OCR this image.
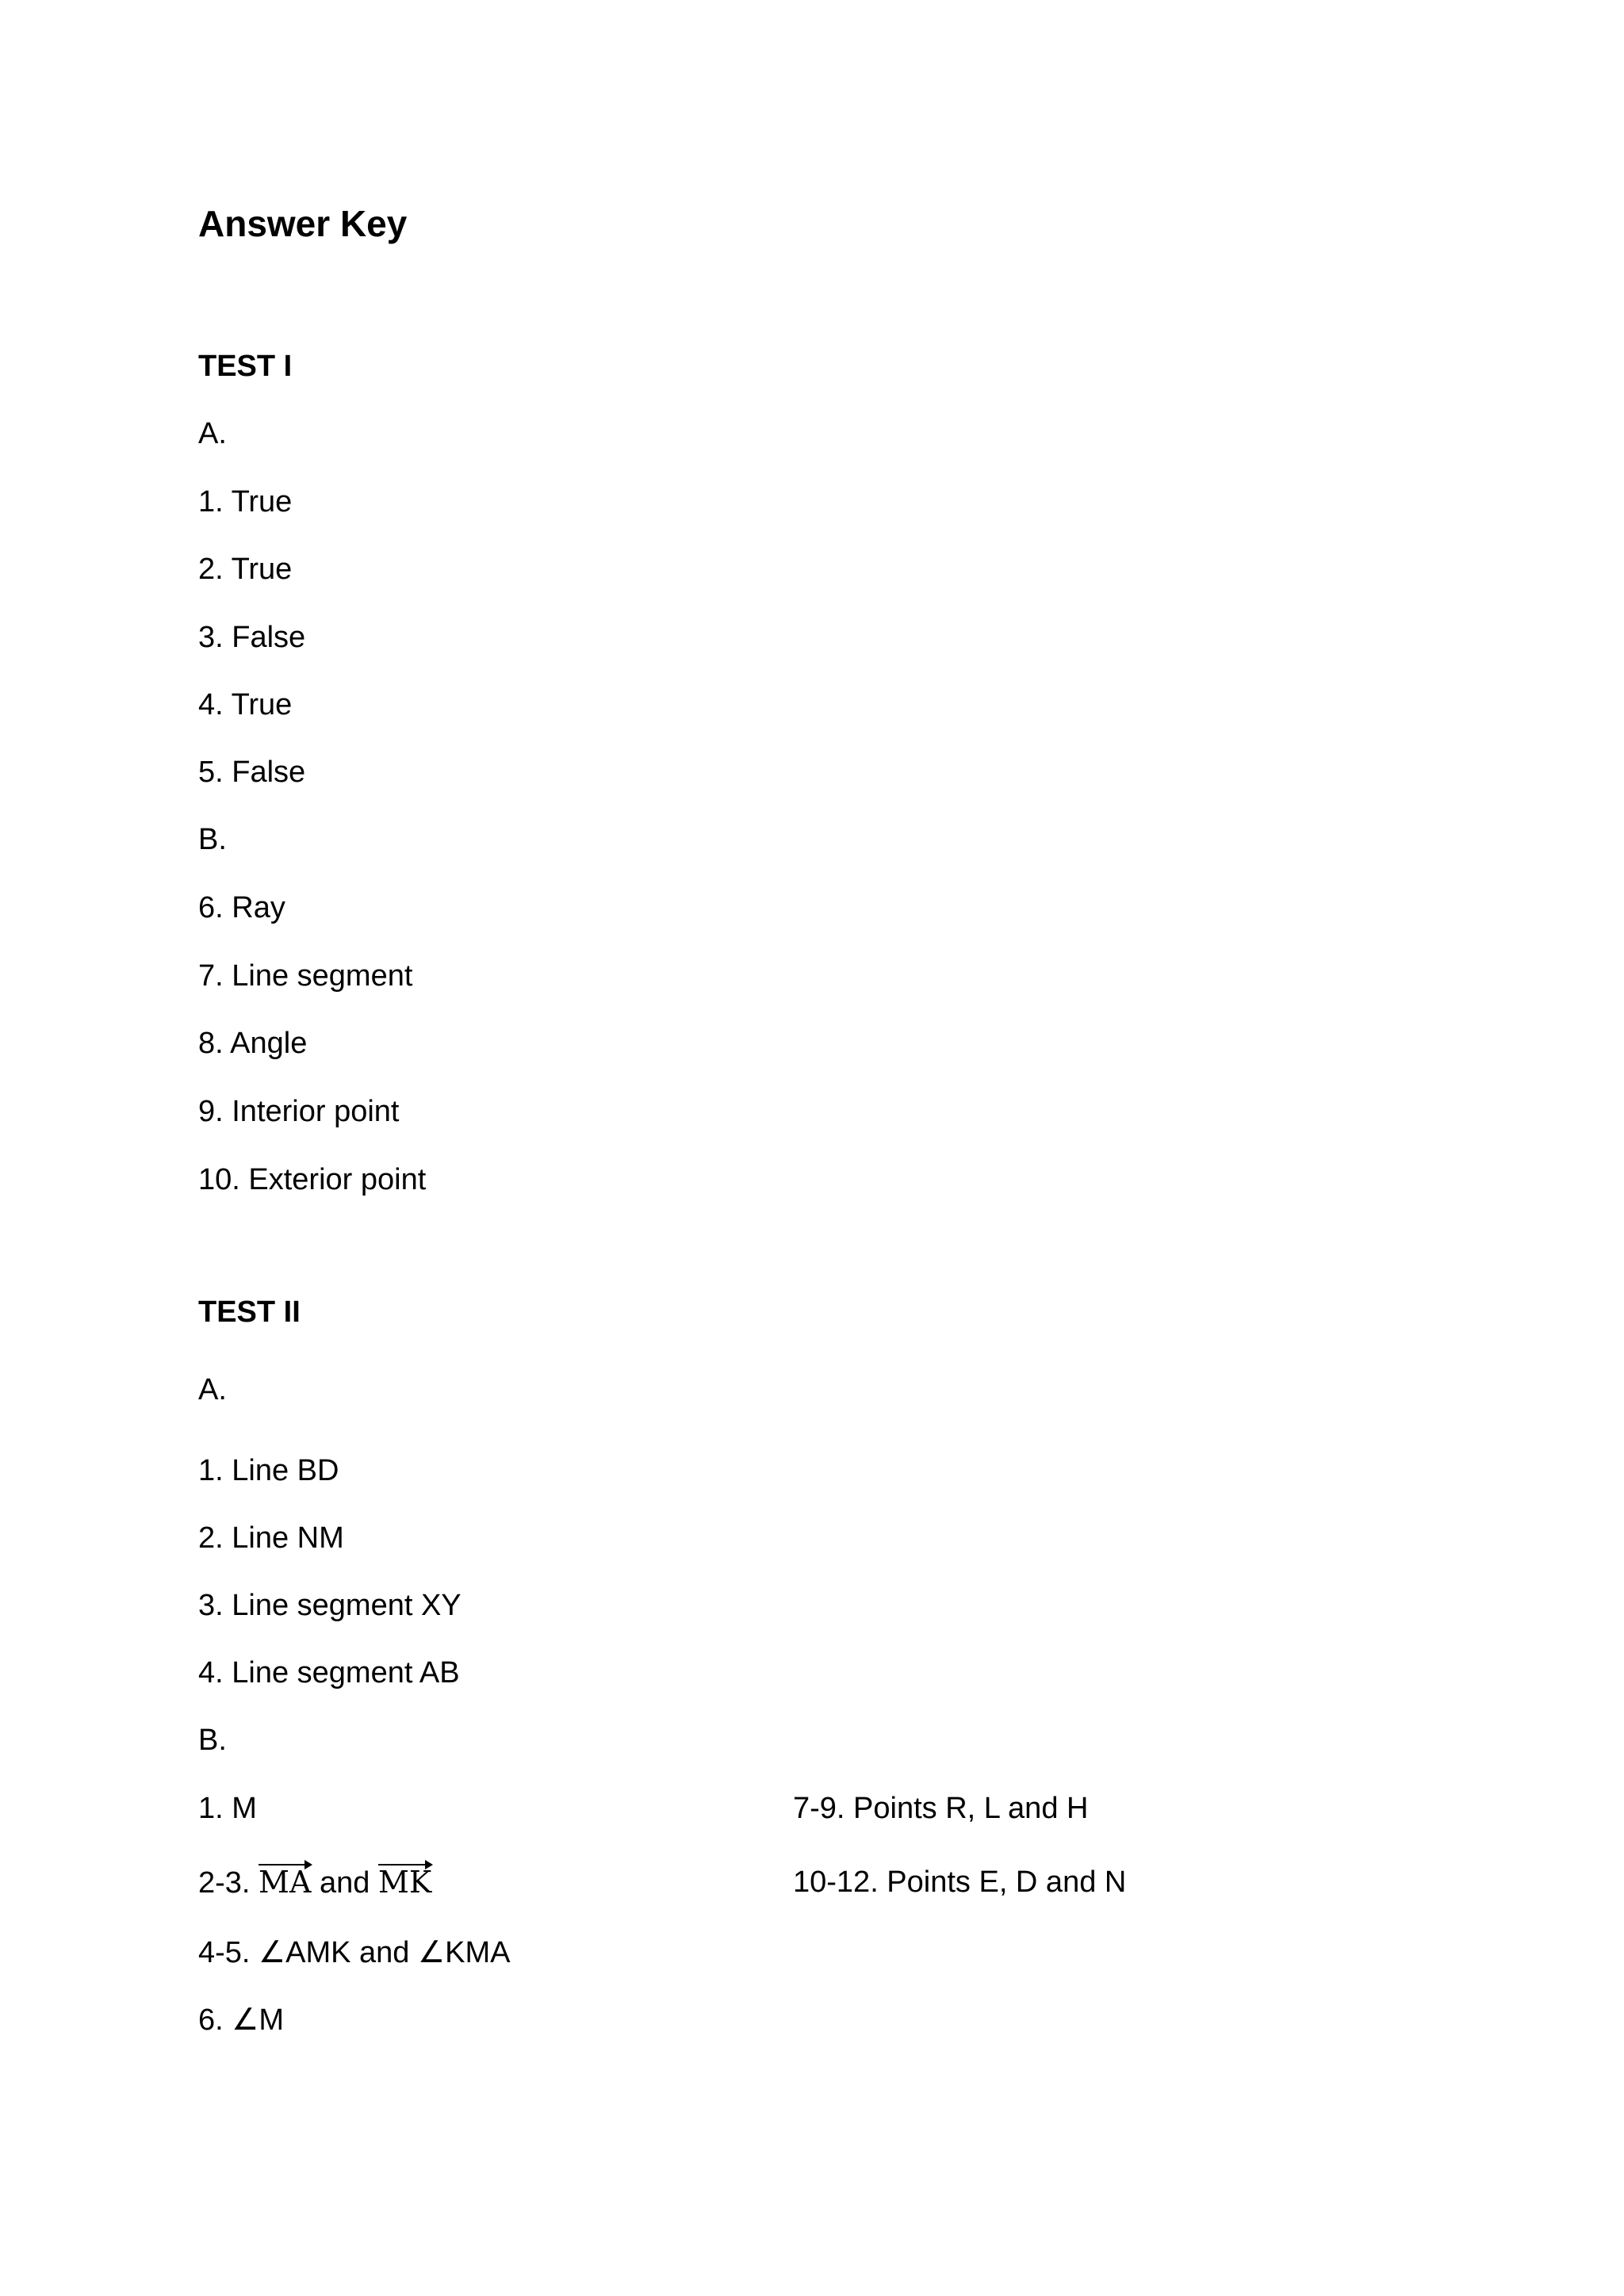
Answer Key
TEST I
A.
1. True
2. True
3. False
4. True
5. False
B.
6. Ray
7. Line segment
8. Angle
9. Interior point
10. Exterior point
TEST II
A.
1. Line BD
2. Line NM
3. Line segment XY
4. Line segment AB
B.
1. M
2-3.
MA and
MK
4-5. ∠AMK and ∠KMA
6. ∠M
7-9. Points R, L and H
10-12. Points E, D and N
